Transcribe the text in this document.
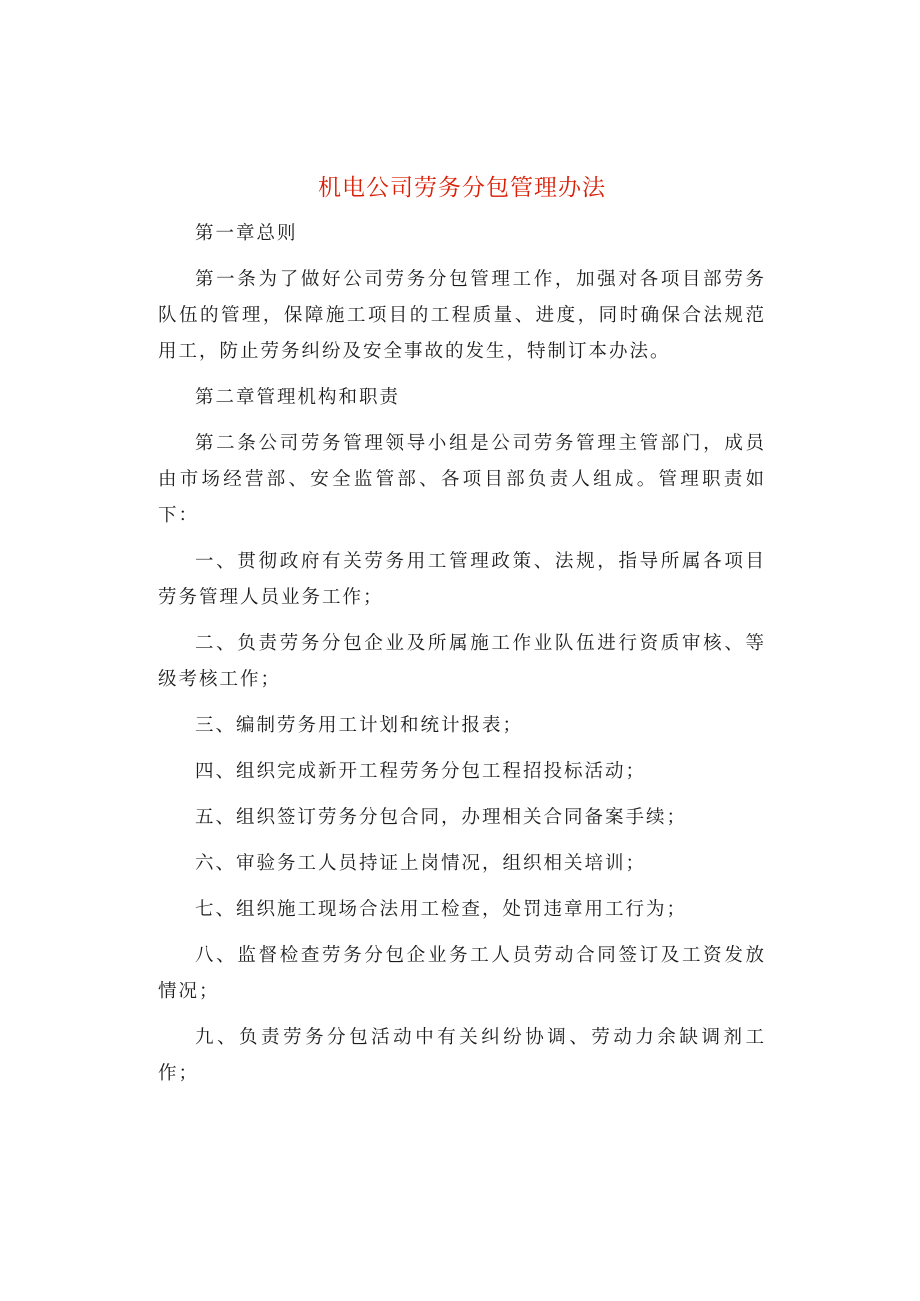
机电公司劳务分包管理办法

第一章总则

第一条为了做好公司劳务分包管理工作，加强对各项目部劳务队伍的管理，保障施工项目的工程质量、进度，同时确保合法规范用工，防止劳务纠纷及安全事故的发生，特制订本办法。

第二章管理机构和职责

第二条公司劳务管理领导小组是公司劳务管理主管部门，成员由市场经营部、安全监管部、各项目部负责人组成。管理职责如下：

一、贯彻政府有关劳务用工管理政策、法规，指导所属各项目劳务管理人员业务工作；

二、负责劳务分包企业及所属施工作业队伍进行资质审核、等级考核工作；

三、编制劳务用工计划和统计报表；

四、组织完成新开工程劳务分包工程招投标活动；

五、组织签订劳务分包合同，办理相关合同备案手续；

六、审验务工人员持证上岗情况，组织相关培训；

七、组织施工现场合法用工检查，处罚违章用工行为；

八、监督检查劳务分包企业务工人员劳动合同签订及工资发放情况；

九、负责劳务分包活动中有关纠纷协调、劳动力余缺调剂工作；
